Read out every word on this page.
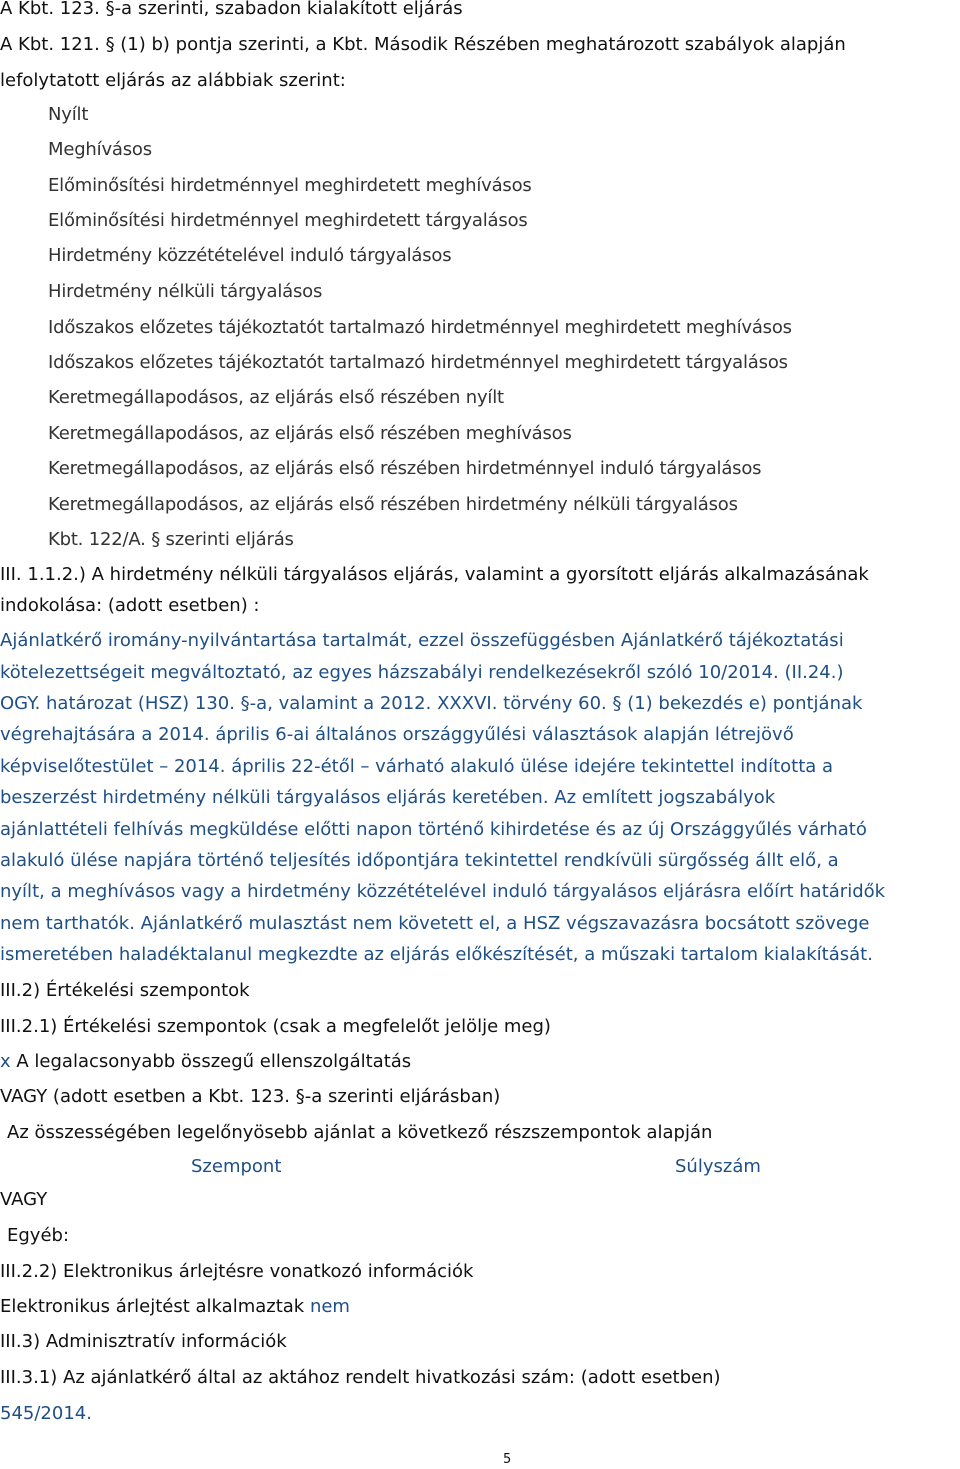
A Kbt. 123. §-a szerinti, szabadon kialakított eljárás
A Kbt. 121. § (1) b) pontja szerinti, a Kbt. Második Részében meghatározott szabályok alapján
lefolytatott eljárás az alábbiak szerint:
Nyílt
Meghívásos
Előminősítési hirdetménnyel meghirdetett meghívásos
Előminősítési hirdetménnyel meghirdetett tárgyalásos
Hirdetmény közzétételével induló tárgyalásos
Hirdetmény nélküli tárgyalásos
Időszakos előzetes tájékoztatót tartalmazó hirdetménnyel meghirdetett meghívásos
Időszakos előzetes tájékoztatót tartalmazó hirdetménnyel meghirdetett tárgyalásos
Keretmegállapodásos, az eljárás első részében nyílt
Keretmegállapodásos, az eljárás első részében meghívásos
Keretmegállapodásos, az eljárás első részében hirdetménnyel induló tárgyalásos
Keretmegállapodásos, az eljárás első részében hirdetmény nélküli tárgyalásos
Kbt. 122/A. § szerinti eljárás
III. 1.1.2.) A hirdetmény nélküli tárgyalásos eljárás, valamint a gyorsított eljárás alkalmazásának
indokolása: (adott esetben) :
Ajánlatkérő iromány-nyilvántartása tartalmát, ezzel összefüggésben Ajánlatkérő tájékoztatási
kötelezettségeit megváltoztató, az egyes házszabályi rendelkezésekről szóló 10/2014. (II.24.)
OGY. határozat (HSZ) 130. §-a, valamint a 2012. XXXVI. törvény 60. § (1) bekezdés e) pontjának
végrehajtására a 2014. április 6-ai általános országgyűlési választások alapján létrejövő
képviselőtestület – 2014. április 22-étől – várható alakuló ülése idejére tekintettel indította a
beszerzést hirdetmény nélküli tárgyalásos eljárás keretében. Az említett jogszabályok
ajánlattételi felhívás megküldése előtti napon történő kihirdetése és az új Országgyűlés várható
alakuló ülése napjára történő teljesítés időpontjára tekintettel rendkívüli sürgősség állt elő, a
nyílt, a meghívásos vagy a hirdetmény közzétételével induló tárgyalásos eljárásra előírt határidők
nem tarthatók. Ajánlatkérő mulasztást nem követett el, a HSZ végszavazásra bocsátott szövege
ismeretében haladéktalanul megkezdte az eljárás előkészítését, a műszaki tartalom kialakítását.
III.2) Értékelési szempontok
III.2.1) Értékelési szempontok (csak a megfelelőt jelölje meg)
x A legalacsonyabb összegű ellenszolgáltatás
VAGY (adott esetben a Kbt. 123. §-a szerinti eljárásban)
Az összességében legelőnyösebb ajánlat a következő részszempontok alapján
Szempont	Súlyszám
VAGY
Egyéb:
III.2.2) Elektronikus árlejtésre vonatkozó információk
Elektronikus árlejtést alkalmaztak nem
III.3) Adminisztratív információk
III.3.1) Az ajánlatkérő által az aktához rendelt hivatkozási szám: (adott esetben)
545/2014.
5
